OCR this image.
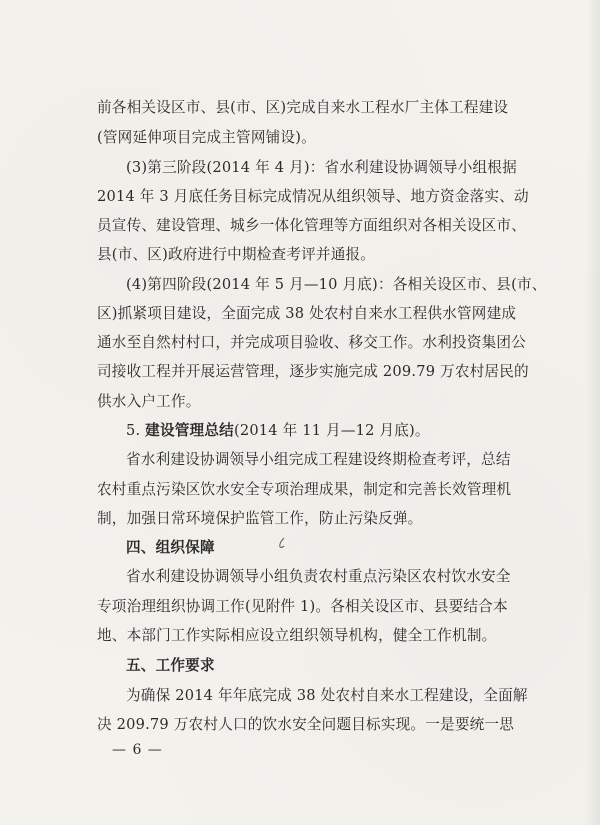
前各相关设区市、县(市、区)完成自来水工程水厂主体工程建设
(管网延伸项目完成主管网铺设)。
(3)第三阶段(2014 年 4 月)：省水利建设协调领导小组根据
2014 年 3 月底任务目标完成情况从组织领导、地方资金落实、动
员宣传、建设管理、城乡一体化管理等方面组织对各相关设区市、
县(市、区)政府进行中期检查考评并通报。
(4)第四阶段(2014 年 5 月—10 月底)：各相关设区市、县(市、
区)抓紧项目建设，全面完成 38 处农村自来水工程供水管网建成
通水至自然村村口，并完成项目验收、移交工作。水利投资集团公
司接收工程并开展运营管理，逐步实施完成 209.79 万农村居民的
供水入户工作。
5. 建设管理总结(2014 年 11 月—12 月底)。
省水利建设协调领导小组完成工程建设终期检查考评，总结
农村重点污染区饮水安全专项治理成果，制定和完善长效管理机
制，加强日常环境保护监管工作，防止污染反弹。
四、组织保障
省水利建设协调领导小组负责农村重点污染区农村饮水安全
专项治理组织协调工作(见附件 1)。各相关设区市、县要结合本
地、本部门工作实际相应设立组织领导机构，健全工作机制。
五、工作要求
为确保 2014 年年底完成 38 处农村自来水工程建设，全面解
决 209.79 万农村人口的饮水安全问题目标实现。一是要统一思
— 6 —
